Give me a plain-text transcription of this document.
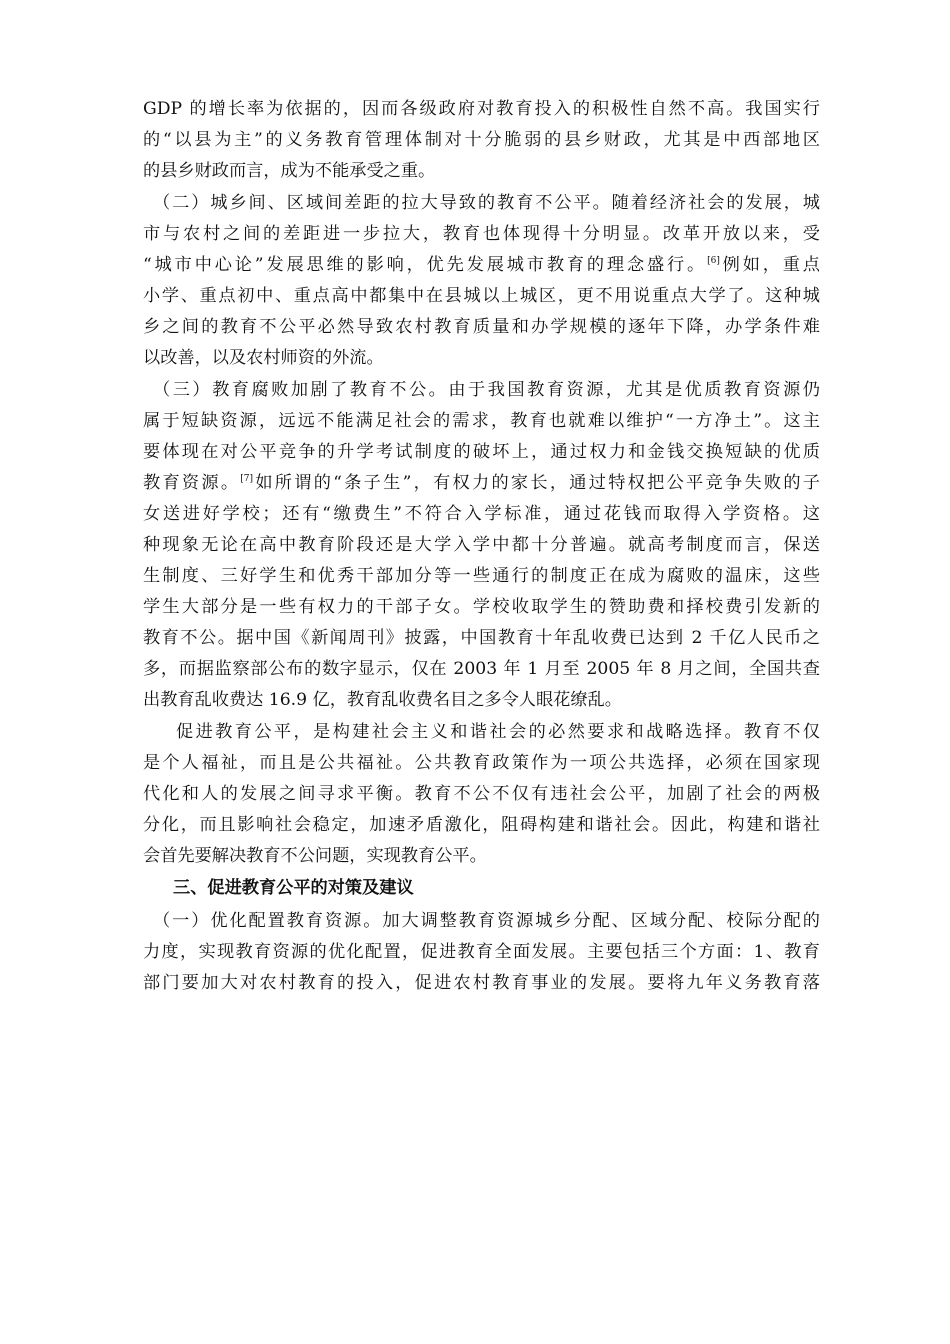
GDP 的增长率为依据的，因而各级政府对教育投入的积极性自然不高。我国实行
的“以县为主”的义务教育管理体制对十分脆弱的县乡财政，尤其是中西部地区
的县乡财政而言，成为不能承受之重。
（二）城乡间、区域间差距的拉大导致的教育不公平。随着经济社会的发展，城
市与农村之间的差距进一步拉大，教育也体现得十分明显。改革开放以来，受
“城市中心论”发展思维的影响，优先发展城市教育的理念盛行。[6]例如，重点
小学、重点初中、重点高中都集中在县城以上城区，更不用说重点大学了。这种城
乡之间的教育不公平必然导致农村教育质量和办学规模的逐年下降，办学条件难
以改善，以及农村师资的外流。
（三）教育腐败加剧了教育不公。由于我国教育资源，尤其是优质教育资源仍
属于短缺资源，远远不能满足社会的需求，教育也就难以维护“一方净土”。这主
要体现在对公平竞争的升学考试制度的破坏上，通过权力和金钱交换短缺的优质
教育资源。[7]如所谓的“条子生”，有权力的家长，通过特权把公平竞争失败的子
女送进好学校；还有“缴费生”不符合入学标准，通过花钱而取得入学资格。这
种现象无论在高中教育阶段还是大学入学中都十分普遍。就高考制度而言，保送
生制度、三好学生和优秀干部加分等一些通行的制度正在成为腐败的温床，这些
学生大部分是一些有权力的干部子女。学校收取学生的赞助费和择校费引发新的
教育不公。据中国《新闻周刊》披露，中国教育十年乱收费已达到 2 千亿人民币之
多，而据监察部公布的数字显示，仅在 2003 年 1 月至 2005 年 8 月之间，全国共查
出教育乱收费达 16.9 亿，教育乱收费名目之多令人眼花缭乱。
促进教育公平，是构建社会主义和谐社会的必然要求和战略选择。教育不仅
是个人福祉，而且是公共福祉。公共教育政策作为一项公共选择，必须在国家现
代化和人的发展之间寻求平衡。教育不公不仅有违社会公平，加剧了社会的两极
分化，而且影响社会稳定，加速矛盾激化，阻碍构建和谐社会。因此，构建和谐社
会首先要解决教育不公问题，实现教育公平。
三、促进教育公平的对策及建议
（一）优化配置教育资源。加大调整教育资源城乡分配、区域分配、校际分配的
力度，实现教育资源的优化配置，促进教育全面发展。主要包括三个方面：1、教育
部门要加大对农村教育的投入，促进农村教育事业的发展。要将九年义务教育落
